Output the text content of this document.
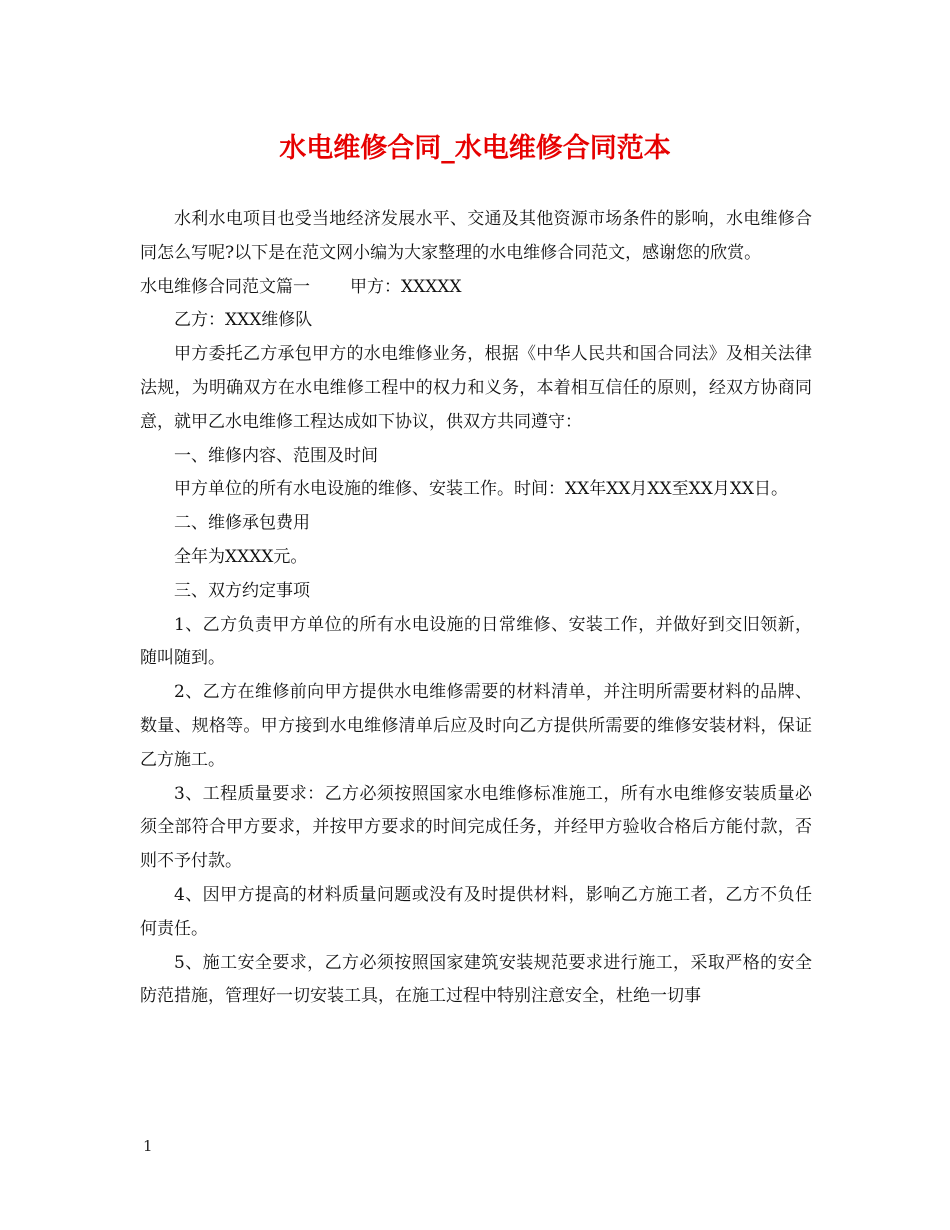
水电维修合同_水电维修合同范本

水利水电项目也受当地经济发展水平、交通及其他资源市场条件的影响，水电维修合同怎么写呢?以下是在范文网小编为大家整理的水电维修合同范文，感谢您的欣赏。

水电维修合同范文篇一 甲方：XXXXX

乙方：XXX维修队

甲方委托乙方承包甲方的水电维修业务，根据《中华人民共和国合同法》及相关法律法规，为明确双方在水电维修工程中的权力和义务，本着相互信任的原则，经双方协商同意，就甲乙水电维修工程达成如下协议，供双方共同遵守：

一、维修内容、范围及时间

甲方单位的所有水电设施的维修、安装工作。时间：XX年XX月XX至XX月XX日。

二、维修承包费用

全年为XXXX元。

三、双方约定事项

1、乙方负责甲方单位的所有水电设施的日常维修、安装工作，并做好到交旧领新，随叫随到。

2、乙方在维修前向甲方提供水电维修需要的材料清单，并注明所需要材料的品牌、数量、规格等。甲方接到水电维修清单后应及时向乙方提供所需要的维修安装材料，保证乙方施工。

3、工程质量要求：乙方必须按照国家水电维修标准施工，所有水电维修安装质量必须全部符合甲方要求，并按甲方要求的时间完成任务，并经甲方验收合格后方能付款，否则不予付款。

4、因甲方提高的材料质量问题或没有及时提供材料，影响乙方施工者，乙方不负任何责任。

5、施工安全要求，乙方必须按照国家建筑安装规范要求进行施工，采取严格的安全防范措施，管理好一切安装工具，在施工过程中特别注意安全，杜绝一切事

1
